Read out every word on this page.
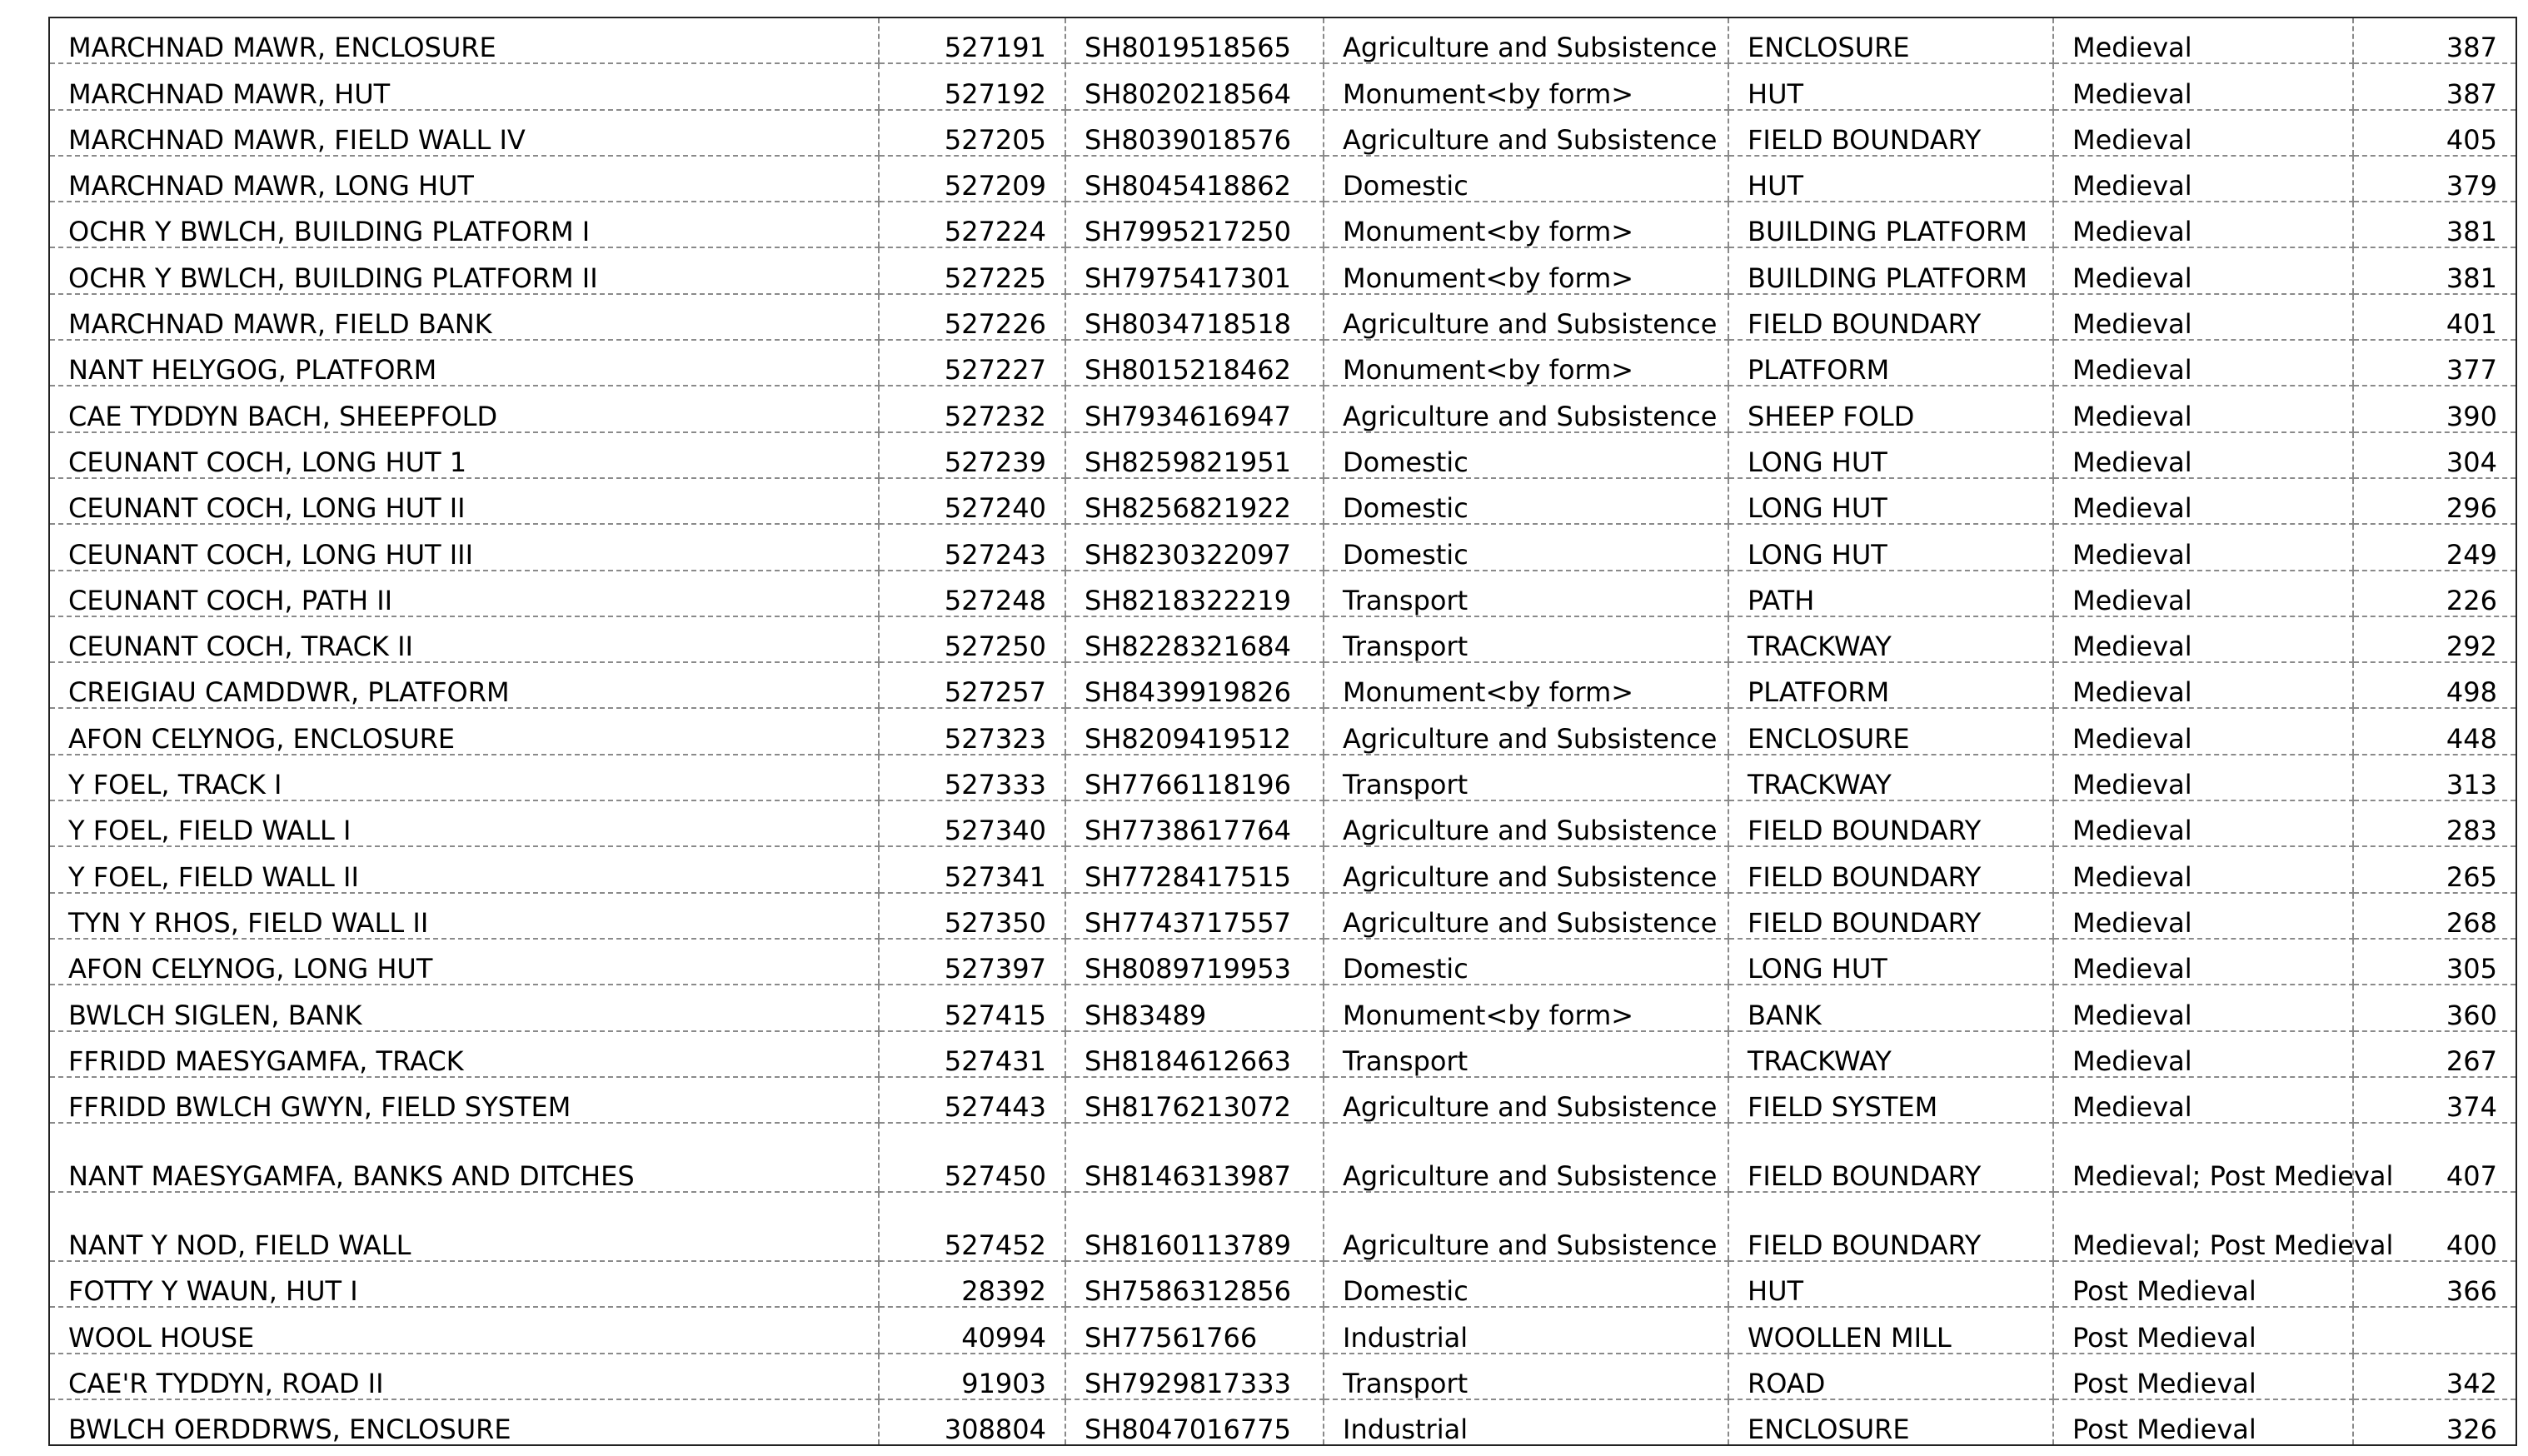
MARCHNAD MAWR, ENCLOSURE	527191	SH8019518565	Agriculture and Subsistence	ENCLOSURE	Medieval	387
MARCHNAD MAWR, HUT	527192	SH8020218564	Monument<by form>	HUT	Medieval	387
MARCHNAD MAWR, FIELD WALL IV	527205	SH8039018576	Agriculture and Subsistence	FIELD BOUNDARY	Medieval	405
MARCHNAD MAWR, LONG HUT	527209	SH8045418862	Domestic	HUT	Medieval	379
OCHR Y BWLCH, BUILDING PLATFORM I	527224	SH7995217250	Monument<by form>	BUILDING PLATFORM	Medieval	381
OCHR Y BWLCH, BUILDING PLATFORM II	527225	SH7975417301	Monument<by form>	BUILDING PLATFORM	Medieval	381
MARCHNAD MAWR, FIELD BANK	527226	SH8034718518	Agriculture and Subsistence	FIELD BOUNDARY	Medieval	401
NANT HELYGOG, PLATFORM	527227	SH8015218462	Monument<by form>	PLATFORM	Medieval	377
CAE TYDDYN BACH, SHEEPFOLD	527232	SH7934616947	Agriculture and Subsistence	SHEEP FOLD	Medieval	390
CEUNANT COCH, LONG HUT 1	527239	SH8259821951	Domestic	LONG HUT	Medieval	304
CEUNANT COCH, LONG HUT II	527240	SH8256821922	Domestic	LONG HUT	Medieval	296
CEUNANT COCH, LONG HUT III	527243	SH8230322097	Domestic	LONG HUT	Medieval	249
CEUNANT COCH, PATH II	527248	SH8218322219	Transport	PATH	Medieval	226
CEUNANT COCH, TRACK II	527250	SH8228321684	Transport	TRACKWAY	Medieval	292
CREIGIAU CAMDDWR, PLATFORM	527257	SH8439919826	Monument<by form>	PLATFORM	Medieval	498
AFON CELYNOG, ENCLOSURE	527323	SH8209419512	Agriculture and Subsistence	ENCLOSURE	Medieval	448
Y FOEL, TRACK I	527333	SH7766118196	Transport	TRACKWAY	Medieval	313
Y FOEL, FIELD WALL I	527340	SH7738617764	Agriculture and Subsistence	FIELD BOUNDARY	Medieval	283
Y FOEL, FIELD WALL II	527341	SH7728417515	Agriculture and Subsistence	FIELD BOUNDARY	Medieval	265
TYN Y RHOS, FIELD WALL II	527350	SH7743717557	Agriculture and Subsistence	FIELD BOUNDARY	Medieval	268
AFON CELYNOG, LONG HUT	527397	SH8089719953	Domestic	LONG HUT	Medieval	305
BWLCH SIGLEN, BANK	527415	SH83489	Monument<by form>	BANK	Medieval	360
FFRIDD MAESYGAMFA, TRACK	527431	SH8184612663	Transport	TRACKWAY	Medieval	267
FFRIDD BWLCH GWYN, FIELD SYSTEM	527443	SH8176213072	Agriculture and Subsistence	FIELD SYSTEM	Medieval	374
NANT MAESYGAMFA, BANKS AND DITCHES	527450	SH8146313987	Agriculture and Subsistence	FIELD BOUNDARY	Medieval; Post Medieval	407
NANT Y NOD, FIELD WALL	527452	SH8160113789	Agriculture and Subsistence	FIELD BOUNDARY	Medieval; Post Medieval	400
FOTTY Y WAUN, HUT I	28392	SH7586312856	Domestic	HUT	Post Medieval	366
WOOL HOUSE	40994	SH77561766	Industrial	WOOLLEN MILL	Post Medieval	
CAE'R TYDDYN, ROAD II	91903	SH7929817333	Transport	ROAD	Post Medieval	342
BWLCH OERDDRWS, ENCLOSURE	308804	SH8047016775	Industrial	ENCLOSURE	Post Medieval	326
